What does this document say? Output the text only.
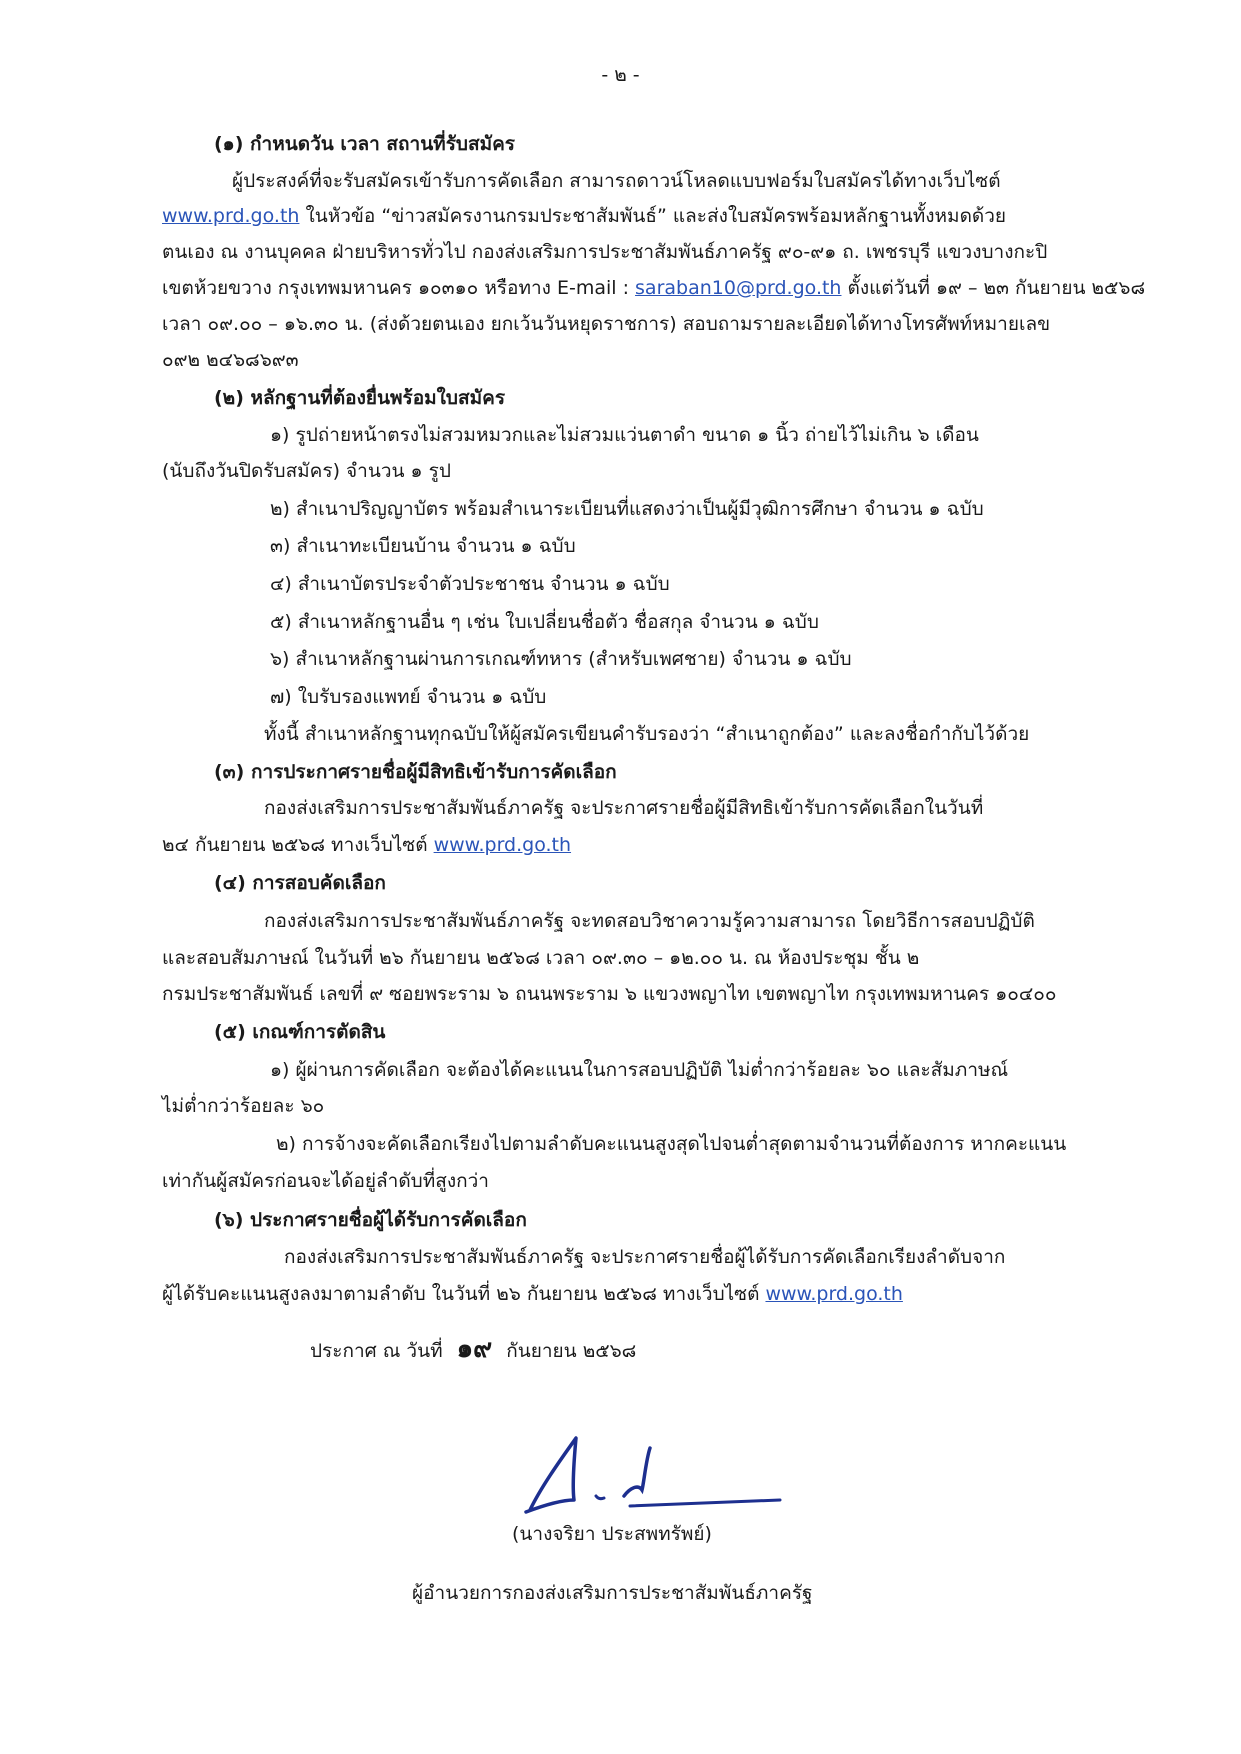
- ๒ -
(๑) กำหนดวัน เวลา สถานที่รับสมัคร
ผู้ประสงค์ที่จะรับสมัครเข้ารับการคัดเลือก สามารถดาวน์โหลดแบบฟอร์มใบสมัครได้ทางเว็บไซต์
www.prd.go.th ในหัวข้อ “ข่าวสมัครงานกรมประชาสัมพันธ์” และส่งใบสมัครพร้อมหลักฐานทั้งหมดด้วย
ตนเอง ณ งานบุคคล ฝ่ายบริหารทั่วไป กองส่งเสริมการประชาสัมพันธ์ภาครัฐ ๙๐-๙๑ ถ. เพชรบุรี แขวงบางกะปิ
เขตห้วยขวาง กรุงเทพมหานคร ๑๐๓๑๐ หรือทาง E-mail : saraban10@prd.go.th ตั้งแต่วันที่ ๑๙ – ๒๓ กันยายน ๒๕๖๘
เวลา ๐๙.๐๐ – ๑๖.๓๐ น. (ส่งด้วยตนเอง ยกเว้นวันหยุดราชการ) สอบถามรายละเอียดได้ทางโทรศัพท์หมายเลข
๐๙๒ ๒๔๖๘๖๙๓
(๒) หลักฐานที่ต้องยื่นพร้อมใบสมัคร
๑) รูปถ่ายหน้าตรงไม่สวมหมวกและไม่สวมแว่นตาดำ ขนาด ๑ นิ้ว ถ่ายไว้ไม่เกิน ๖ เดือน
(นับถึงวันปิดรับสมัคร) จำนวน ๑ รูป
๒) สำเนาปริญญาบัตร พร้อมสำเนาระเบียนที่แสดงว่าเป็นผู้มีวุฒิการศึกษา จำนวน ๑ ฉบับ
๓) สำเนาทะเบียนบ้าน จำนวน ๑ ฉบับ
๔) สำเนาบัตรประจำตัวประชาชน จำนวน ๑ ฉบับ
๕) สำเนาหลักฐานอื่น ๆ เช่น ใบเปลี่ยนชื่อตัว ชื่อสกุล จำนวน ๑ ฉบับ
๖) สำเนาหลักฐานผ่านการเกณฑ์ทหาร (สำหรับเพศชาย) จำนวน ๑ ฉบับ
๗) ใบรับรองแพทย์ จำนวน ๑ ฉบับ
ทั้งนี้ สำเนาหลักฐานทุกฉบับให้ผู้สมัครเขียนคำรับรองว่า “สำเนาถูกต้อง” และลงชื่อกำกับไว้ด้วย
(๓) การประกาศรายชื่อผู้มีสิทธิเข้ารับการคัดเลือก
กองส่งเสริมการประชาสัมพันธ์ภาครัฐ จะประกาศรายชื่อผู้มีสิทธิเข้ารับการคัดเลือกในวันที่
๒๔ กันยายน ๒๕๖๘ ทางเว็บไซต์ www.prd.go.th
(๔) การสอบคัดเลือก
กองส่งเสริมการประชาสัมพันธ์ภาครัฐ จะทดสอบวิชาความรู้ความสามารถ โดยวิธีการสอบปฏิบัติ
และสอบสัมภาษณ์ ในวันที่ ๒๖ กันยายน ๒๕๖๘ เวลา ๐๙.๓๐ – ๑๒.๐๐ น. ณ ห้องประชุม ชั้น ๒
กรมประชาสัมพันธ์ เลขที่ ๙ ซอยพระราม ๖ ถนนพระราม ๖ แขวงพญาไท เขตพญาไท กรุงเทพมหานคร ๑๐๔๐๐
(๕) เกณฑ์การตัดสิน
๑) ผู้ผ่านการคัดเลือก จะต้องได้คะแนนในการสอบปฏิบัติ ไม่ต่ำกว่าร้อยละ ๖๐ และสัมภาษณ์
ไม่ต่ำกว่าร้อยละ ๖๐
๒) การจ้างจะคัดเลือกเรียงไปตามลำดับคะแนนสูงสุดไปจนต่ำสุดตามจำนวนที่ต้องการ หากคะแนน
เท่ากันผู้สมัครก่อนจะได้อยู่ลำดับที่สูงกว่า
(๖) ประกาศรายชื่อผู้ได้รับการคัดเลือก
กองส่งเสริมการประชาสัมพันธ์ภาครัฐ จะประกาศรายชื่อผู้ได้รับการคัดเลือกเรียงลำดับจาก
ผู้ได้รับคะแนนสูงลงมาตามลำดับ ในวันที่ ๒๖ กันยายน ๒๕๖๘ ทางเว็บไซต์ www.prd.go.th
ประกาศ ณ วันที่ ๑๙ กันยายน ๒๕๖๘
(นางจริยา ประสพทรัพย์)
ผู้อำนวยการกองส่งเสริมการประชาสัมพันธ์ภาครัฐ
